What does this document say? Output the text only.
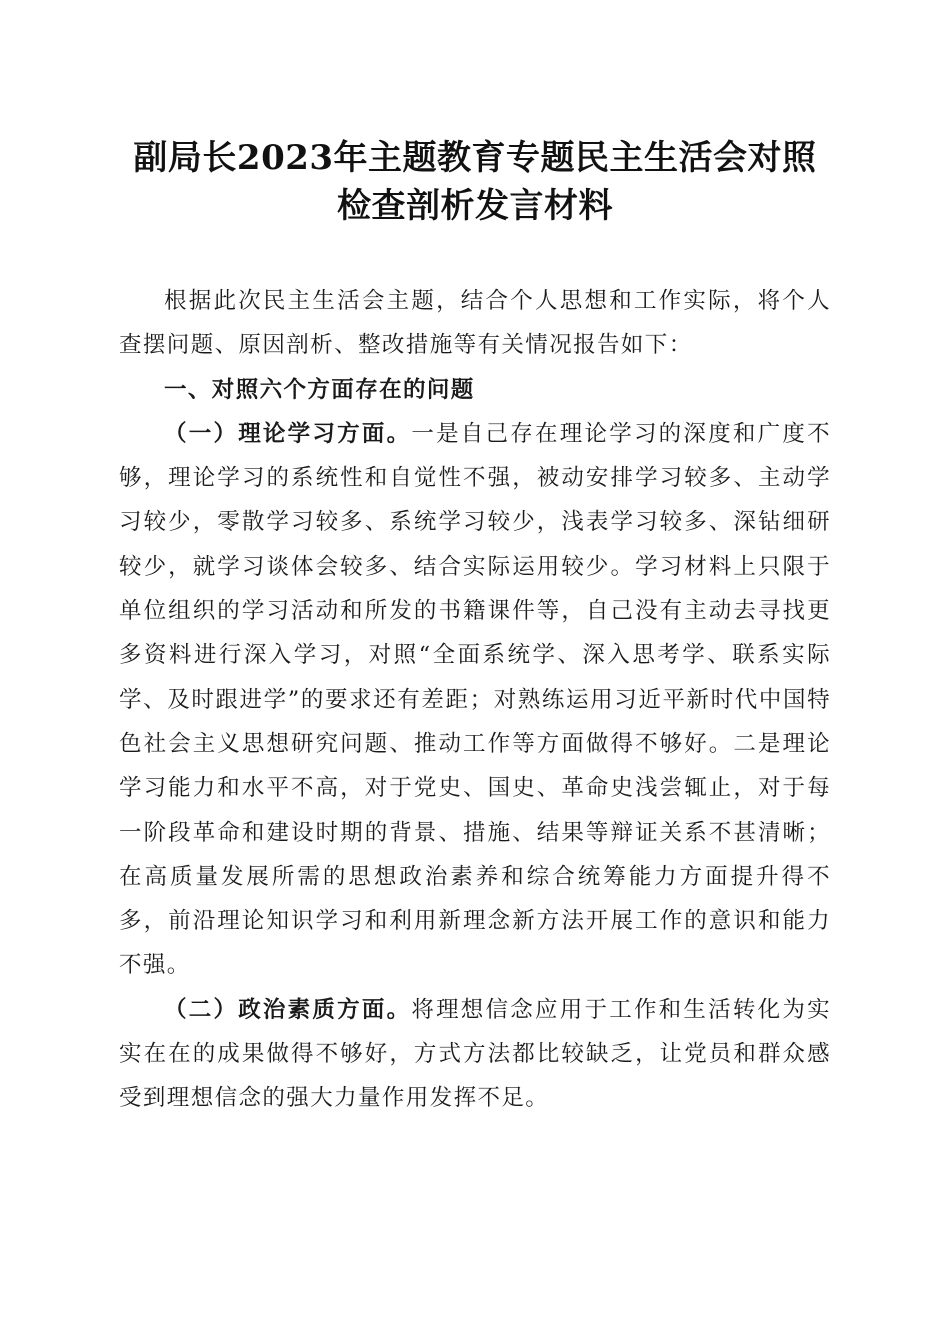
副局长2023年主题教育专题民主生活会对照
检查剖析发言材料

根据此次民主生活会主题，结合个人思想和工作实际，将个人查摆问题、原因剖析、整改措施等有关情况报告如下：

一、对照六个方面存在的问题

（一）理论学习方面。一是自己存在理论学习的深度和广度不够，理论学习的系统性和自觉性不强，被动安排学习较多、主动学习较少，零散学习较多、系统学习较少，浅表学习较多、深钻细研较少，就学习谈体会较多、结合实际运用较少。学习材料上只限于单位组织的学习活动和所发的书籍课件等，自己没有主动去寻找更多资料进行深入学习，对照“全面系统学、深入思考学、联系实际学、及时跟进学”的要求还有差距；对熟练运用习近平新时代中国特色社会主义思想研究问题、推动工作等方面做得不够好。二是理论学习能力和水平不高，对于党史、国史、革命史浅尝辄止，对于每一阶段革命和建设时期的背景、措施、结果等辩证关系不甚清晰；在高质量发展所需的思想政治素养和综合统筹能力方面提升得不多，前沿理论知识学习和利用新理念新方法开展工作的意识和能力不强。

（二）政治素质方面。将理想信念应用于工作和生活转化为实实在在的成果做得不够好，方式方法都比较缺乏，让党员和群众感受到理想信念的强大力量作用发挥不足。
